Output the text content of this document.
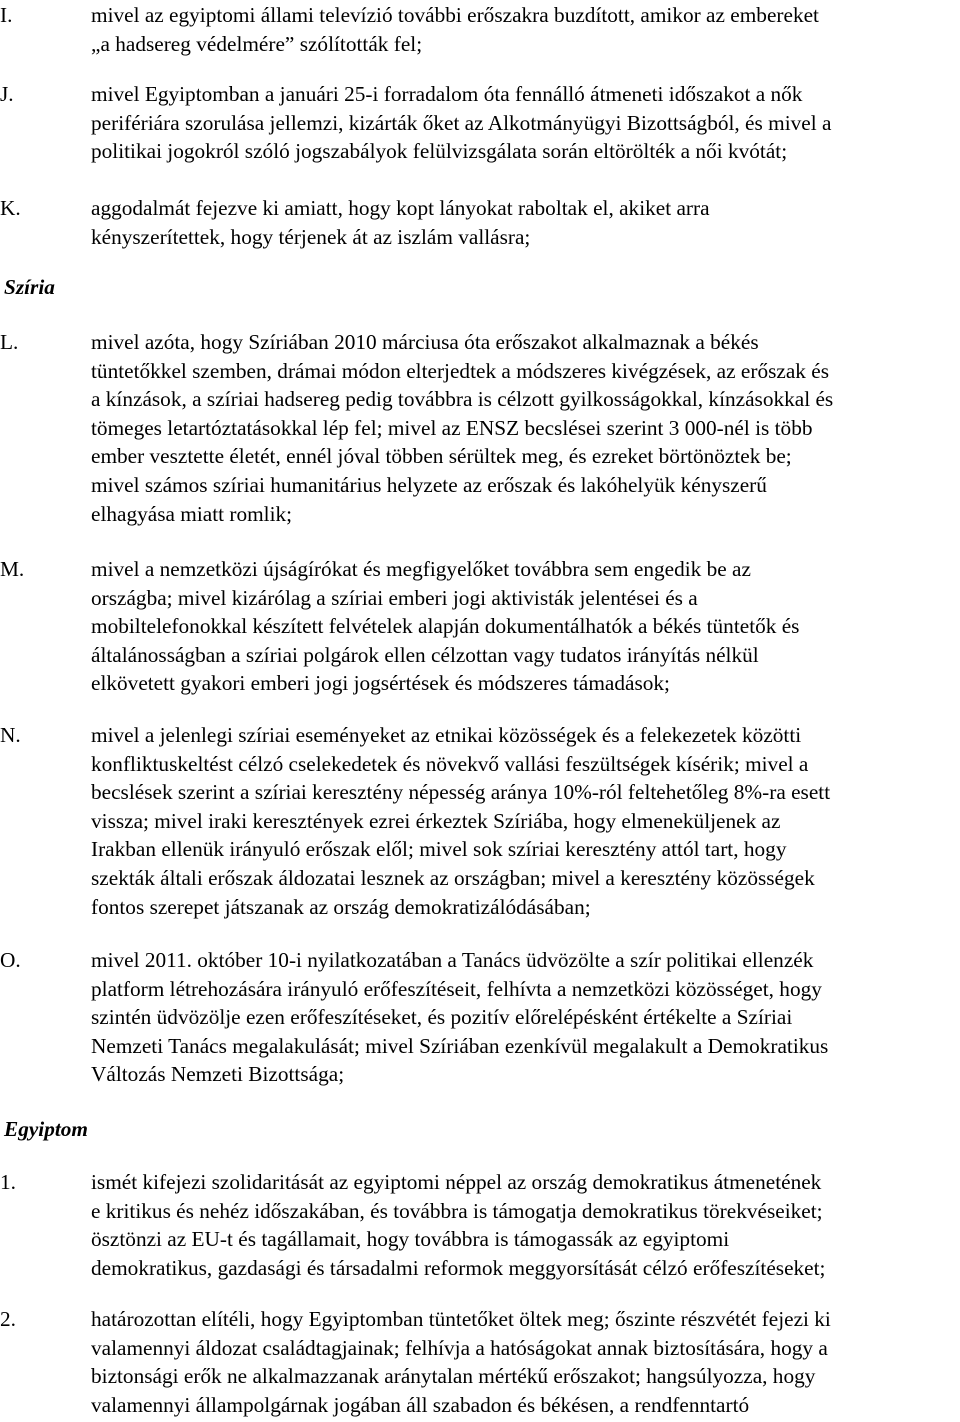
I.	mivel az egyiptomi állami televízió további erőszakra buzdított, amikor az embereket
„a hadsereg védelmére” szólították fel;
J.	mivel Egyiptomban a januári 25-i forradalom óta fennálló átmeneti időszakot a nők
perifériára szorulása jellemzi, kizárták őket az Alkotmányügyi Bizottságból, és mivel a
politikai jogokról szóló jogszabályok felülvizsgálata során eltörölték a női kvótát;
K.	aggodalmát fejezve ki amiatt, hogy kopt lányokat raboltak el, akiket arra
kényszerítettek, hogy térjenek át az iszlám vallásra;
Szíria
L.	mivel azóta, hogy Szíriában 2010 márciusa óta erőszakot alkalmaznak a békés
tüntetőkkel szemben, drámai módon elterjedtek a módszeres kivégzések, az erőszak és
a kínzások, a szíriai hadsereg pedig továbbra is célzott gyilkosságokkal, kínzásokkal és
tömeges letartóztatásokkal lép fel; mivel az ENSZ becslései szerint 3 000-nél is több
ember vesztette életét, ennél jóval többen sérültek meg, és ezreket börtönöztek be;
mivel számos szíriai humanitárius helyzete az erőszak és lakóhelyük kényszerű
elhagyása miatt romlik;
M.	mivel a nemzetközi újságírókat és megfigyelőket továbbra sem engedik be az
országba; mivel kizárólag a szíriai emberi jogi aktivisták jelentései és a
mobiltelefonokkal készített felvételek alapján dokumentálhatók a békés tüntetők és
általánosságban a szíriai polgárok ellen célzottan vagy tudatos irányítás nélkül
elkövetett gyakori emberi jogi jogsértések és módszeres támadások;
N.	mivel a jelenlegi szíriai eseményeket az etnikai közösségek és a felekezetek közötti
konfliktuskeltést célzó cselekedetek és növekvő vallási feszültségek kísérik; mivel a
becslések szerint a szíriai keresztény népesség aránya 10%-ról feltehetőleg 8%-ra esett
vissza; mivel iraki keresztények ezrei érkeztek Szíriába, hogy elmeneküljenek az
Irakban ellenük irányuló erőszak elől; mivel sok szíriai keresztény attól tart, hogy
szekták általi erőszak áldozatai lesznek az országban; mivel a keresztény közösségek
fontos szerepet játszanak az ország demokratizálódásában;
O.	mivel 2011. október 10-i nyilatkozatában a Tanács üdvözölte a szír politikai ellenzék
platform létrehozására irányuló erőfeszítéseit, felhívta a nemzetközi közösséget, hogy
szintén üdvözölje ezen erőfeszítéseket, és pozitív előrelépésként értékelte a Szíriai
Nemzeti Tanács megalakulását; mivel Szíriában ezenkívül megalakult a Demokratikus
Változás Nemzeti Bizottsága;
Egyiptom
1.	ismét kifejezi szolidaritását az egyiptomi néppel az ország demokratikus átmenetének
e kritikus és nehéz időszakában, és továbbra is támogatja demokratikus törekvéseiket;
ösztönzi az EU-t és tagállamait, hogy továbbra is támogassák az egyiptomi
demokratikus, gazdasági és társadalmi reformok meggyorsítását célzó erőfeszítéseket;
2.	határozottan elítéli, hogy Egyiptomban tüntetőket öltek meg; őszinte részvétét fejezi ki
valamennyi áldozat családtagjainak; felhívja a hatóságokat annak biztosítására, hogy a
biztonsági erők ne alkalmazzanak aránytalan mértékű erőszakot; hangsúlyozza, hogy
valamennyi állampolgárnak jogában áll szabadon és békésen, a rendfenntartó
